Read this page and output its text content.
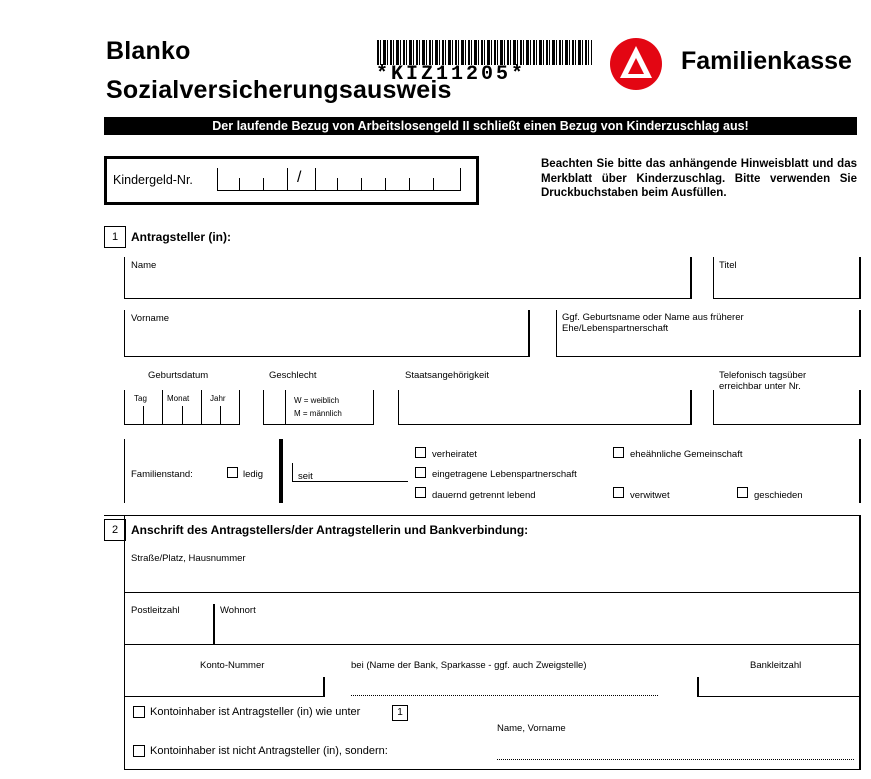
Blanko
Sozialversicherungsausweis
*KIZ11205*	Familienkasse
Der laufende Bezug von Arbeitslosengeld II schließt einen Bezug von Kinderzuschlag aus!
Kindergeld-Nr.	/
Beachten Sie bitte das anhängende Hinweisblatt und das Merkblatt über Kinderzuschlag. Bitte verwenden Sie Druckbuchstaben beim Ausfüllen.
1	Antragsteller (in):
Name	Titel
Vorname	Ggf. Geburtsname oder Name aus früherer Ehe/Lebenspartnerschaft
Geburtsdatum
Tag	Monat	Jahr
Geschlecht
W = weiblich
M = männlich
Staatsangehörigkeit	Telefonisch tagsüber erreichbar unter Nr.
Familienstand:	ledig	seit
verheiratet
eingetragene Lebenspartnerschaft
dauernd getrennt lebend
eheähnliche Gemeinschaft
verwitwet	geschieden
2	Anschrift des Antragstellers/der Antragstellerin und Bankverbindung:
Straße/Platz, Hausnummer
Postleitzahl	Wohnort
Konto-Nummer	bei (Name der Bank, Sparkasse - ggf. auch Zweigstelle)	Bankleitzahl
Kontoinhaber ist Antragsteller (in) wie unter	1
Name, Vorname
Kontoinhaber ist nicht Antragsteller (in), sondern:
